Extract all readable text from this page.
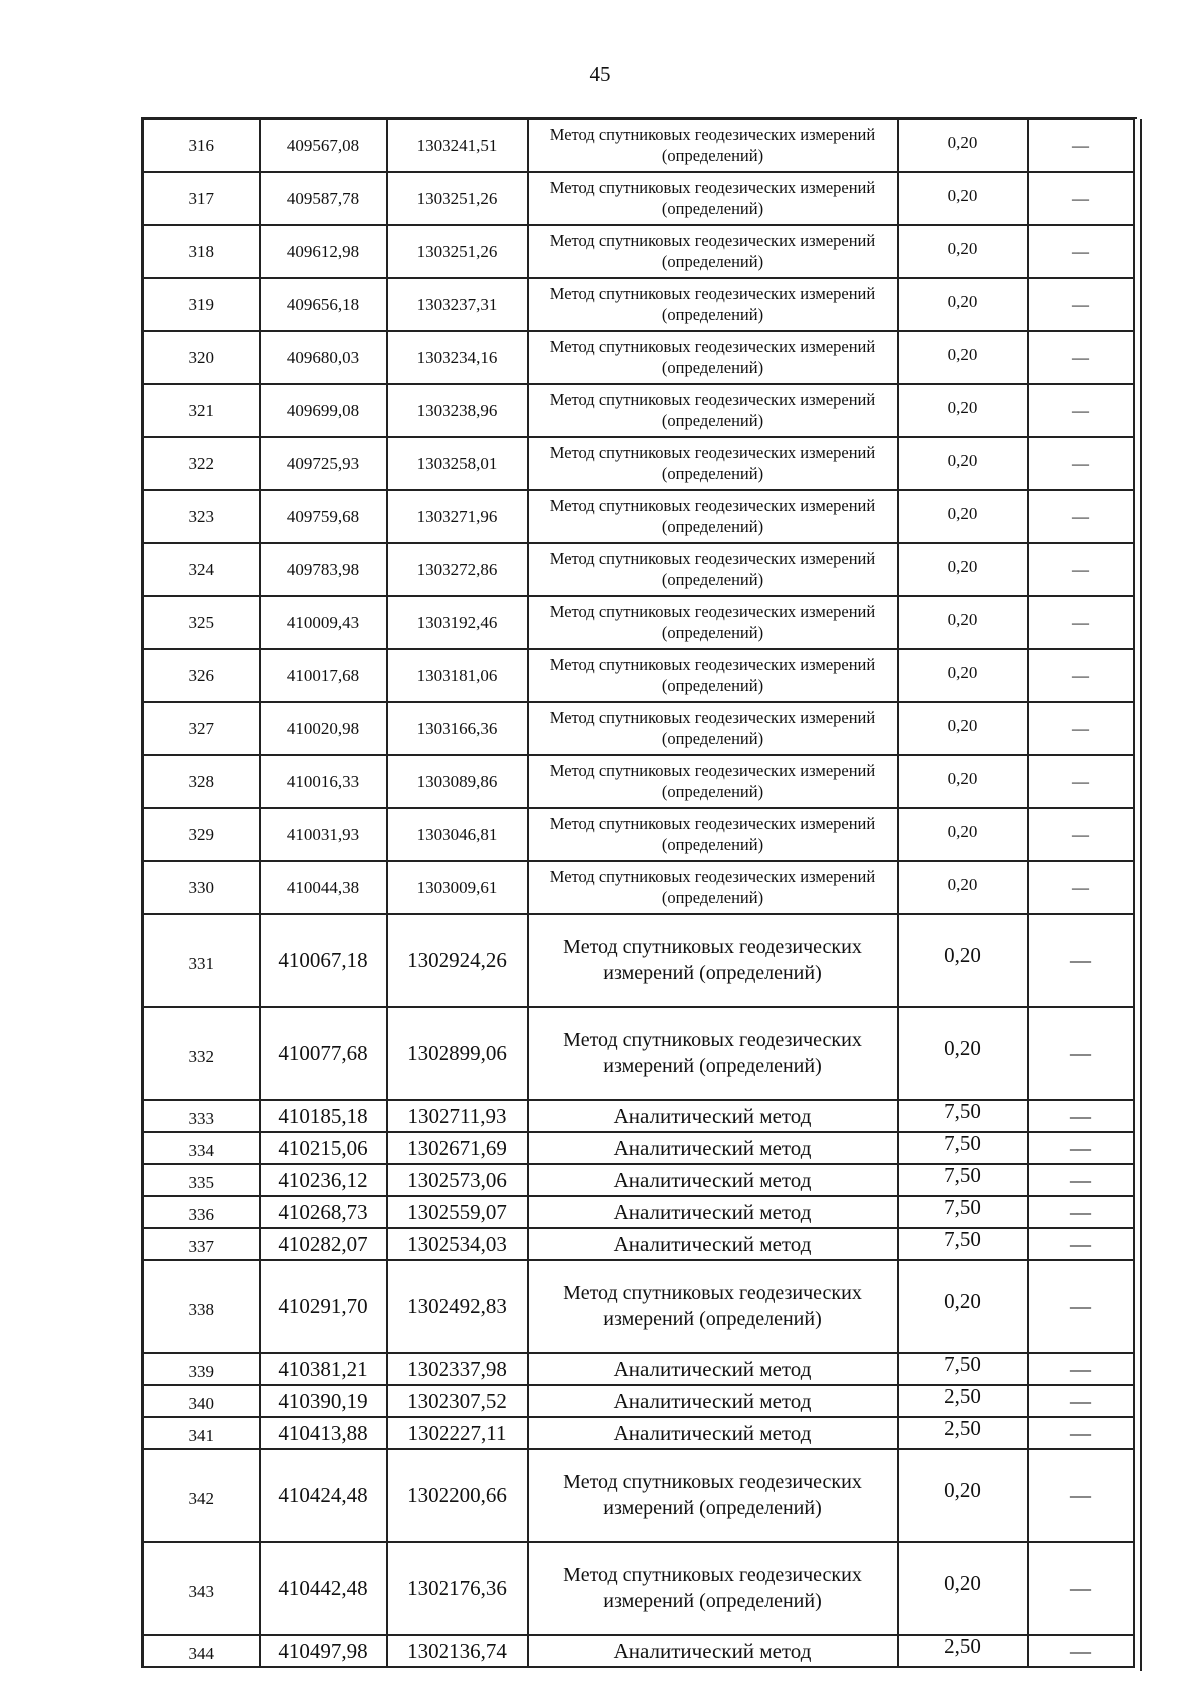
45
316	409567,08	1303241,51	Метод спутниковых геодезических измерений (определений)	0,20	—
317	409587,78	1303251,26	Метод спутниковых геодезических измерений (определений)	0,20	—
318	409612,98	1303251,26	Метод спутниковых геодезических измерений (определений)	0,20	—
319	409656,18	1303237,31	Метод спутниковых геодезических измерений (определений)	0,20	—
320	409680,03	1303234,16	Метод спутниковых геодезических измерений (определений)	0,20	—
321	409699,08	1303238,96	Метод спутниковых геодезических измерений (определений)	0,20	—
322	409725,93	1303258,01	Метод спутниковых геодезических измерений (определений)	0,20	—
323	409759,68	1303271,96	Метод спутниковых геодезических измерений (определений)	0,20	—
324	409783,98	1303272,86	Метод спутниковых геодезических измерений (определений)	0,20	—
325	410009,43	1303192,46	Метод спутниковых геодезических измерений (определений)	0,20	—
326	410017,68	1303181,06	Метод спутниковых геодезических измерений (определений)	0,20	—
327	410020,98	1303166,36	Метод спутниковых геодезических измерений (определений)	0,20	—
328	410016,33	1303089,86	Метод спутниковых геодезических измерений (определений)	0,20	—
329	410031,93	1303046,81	Метод спутниковых геодезических измерений (определений)	0,20	—
330	410044,38	1303009,61	Метод спутниковых геодезических измерений (определений)	0,20	—
331	410067,18	1302924,26	Метод спутниковых геодезических измерений (определений)	0,20	—
332	410077,68	1302899,06	Метод спутниковых геодезических измерений (определений)	0,20	—
333	410185,18	1302711,93	Аналитический метод	7,50	—
334	410215,06	1302671,69	Аналитический метод	7,50	—
335	410236,12	1302573,06	Аналитический метод	7,50	—
336	410268,73	1302559,07	Аналитический метод	7,50	—
337	410282,07	1302534,03	Аналитический метод	7,50	—
338	410291,70	1302492,83	Метод спутниковых геодезических измерений (определений)	0,20	—
339	410381,21	1302337,98	Аналитический метод	7,50	—
340	410390,19	1302307,52	Аналитический метод	2,50	—
341	410413,88	1302227,11	Аналитический метод	2,50	—
342	410424,48	1302200,66	Метод спутниковых геодезических измерений (определений)	0,20	—
343	410442,48	1302176,36	Метод спутниковых геодезических измерений (определений)	0,20	—
344	410497,98	1302136,74	Аналитический метод	2,50	—
